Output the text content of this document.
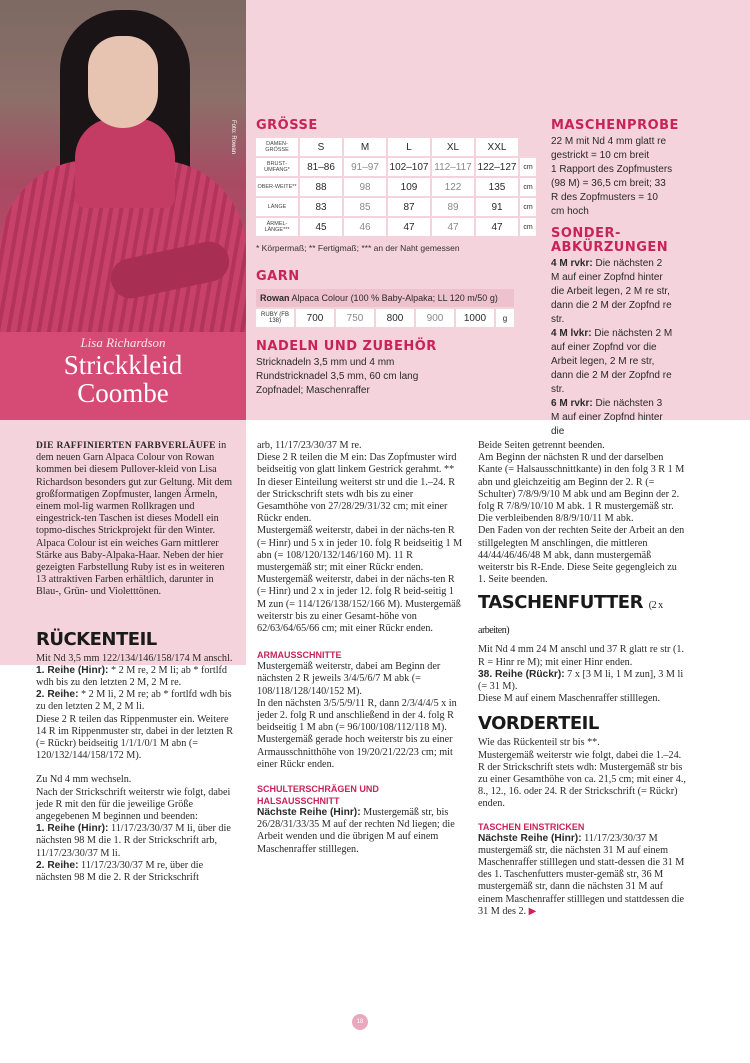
Foto: Rowan
Lisa Richardson
Strickkleid
Coombe
GRÖSSE
DAMEN-GRÖSSE	S	M	L	XL	XXL	
BRUST-UMFANG*	81–86	91–97	102–107	112–117	122–127	cm
OBER-WEITE**	88	98	109	122	135	cm
LÄNGE	83	85	87	89	91	cm
ÄRMEL-LÄNGE***	45	46	47	47	47	cm
* Körpermaß; ** Fertigmaß; *** an der Naht gemessen
GARN
Rowan Alpaca Colour (100 % Baby-Alpaka; LL 120 m/50 g)
RUBY (FB 138)	700	750	800	900	1000	g
NADELN UND ZUBEHÖR
Stricknadeln 3,5 mm und 4 mm
Rundstricknadel 3,5 mm, 60 cm lang
Zopfnadel; Maschenraffer
MASCHENPROBE
22 M mit Nd 4 mm glatt re gestrickt = 10 cm breit
1 Rapport des Zopfmusters (98 M) = 36,5 cm breit; 33 R des Zopfmusters = 10 cm hoch
SONDER-
ABKÜRZUNGEN
4 M rvkr: Die nächsten 2 M auf einer Zopfnd hinter die Arbeit legen, 2 M re str, dann die 2 M der Zopfnd re str.
4 M lvkr: Die nächsten 2 M auf einer Zopfnd vor die Arbeit legen, 2 M re str, dann die 2 M der Zopfnd re str.
6 M rvkr: Die nächsten 3 M auf einer Zopfnd hinter die

DIE RAFFINIERTEN FARBVERLÄUFE in dem neuen Garn Alpaca Colour von Rowan kommen bei diesem Pullover-kleid von Lisa Richardson besonders gut zur Geltung. Mit dem großformatigen Zopfmuster, langen Ärmeln, einem mol-lig warmen Rollkragen und eingestrick-ten Taschen ist dieses Modell ein topmo-disches Strickprojekt für den Winter. Alpaca Colour ist ein weiches Garn mittlerer Stärke aus Baby-Alpaka-Haar. Neben der hier gezeigten Farbstellung Ruby ist es in weiteren 13 attraktiven Farben erhältlich, darunter in Blau-, Grün- und Violetttönen.

RÜCKENTEIL

Mit Nd 3,5 mm 122/134/146/158/174 M anschl.

1. Reihe (Hinr): * 2 M re, 2 M li; ab * fortlfd wdh bis zu den letzten 2 M, 2 M re.

2. Reihe: * 2 M li, 2 M re; ab * fortlfd wdh bis zu den letzten 2 M, 2 M li.

Diese 2 R teilen das Rippenmuster ein. Weitere 14 R im Rippenmuster str, dabei in der letzten R (= Rückr) beidseitig 1/1/1/0/1 M abn (= 120/132/144/158/172 M).

Zu Nd 4 mm wechseln.

Nach der Strickschrift weiterstr wie folgt, dabei jede R mit den für die jeweilige Größe angegebenen M beginnen und beenden:

1. Reihe (Hinr): 11/17/23/30/37 M li, über die nächsten 98 M die 1. R der Strickschrift arb, 11/17/23/30/37 M li.

2. Reihe: 11/17/23/30/37 M re, über die nächsten 98 M die 2. R der Strickschrift

arb, 11/17/23/30/37 M re.

Diese 2 R teilen die M ein: Das Zopfmuster wird beidseitig von glatt linkem Gestrick gerahmt. **

In dieser Einteilung weiterst str und die 1.–24. R der Strickschrift stets wdh bis zu einer Gesamthöhe von 27/28/29/31/32 cm; mit einer Rückr enden.

Mustergemäß weiterstr, dabei in der nächs-ten R (= Hinr) und 5 x in jeder 10. folg R beidseitig 1 M abn (= 108/120/132/146/160 M). 11 R mustergemäß str; mit einer Rückr enden.

Mustergemäß weiterstr, dabei in der nächs-ten R (= Hinr) und 2 x in jeder 12. folg R beid-seitig 1 M zun (= 114/126/138/152/166 M). Mustergemäß weiterstr bis zu einer Gesamt-höhe von 62/63/64/65/66 cm; mit einer Rückr enden.

ARMAUSSCHNITTE

Mustergemäß weiterstr, dabei am Beginn der nächsten 2 R jeweils 3/4/5/6/7 M abk (= 108/118/128/140/152 M).

In den nächsten 3/5/5/9/11 R, dann 2/3/4/4/5 x in jeder 2. folg R und anschließend in der 4. folg R beidseitig 1 M abn (= 96/100/108/112/118 M).

Mustergemäß gerade hoch weiterstr bis zu einer Armausschnitthöhe von 19/20/21/22/23 cm; mit einer Rückr enden.

SCHULTERSCHRÄGEN UND
HALSAUSSCHNITT

Nächste Reihe (Hinr): Mustergemäß str, bis 26/28/31/33/35 M auf der rechten Nd liegen; die Arbeit wenden und die übrigen M auf einem Maschenraffer stilllegen.

Beide Seiten getrennt beenden.

Am Beginn der nächsten R und der darselben Kante (= Halsausschnittkante) in den folg 3 R 1 M abn und gleichzeitig am Beginn der 2. R (= Schulter) 7/8/9/9/10 M abk und am Beginn der 2. folg R 7/8/9/10/10 M abk. 1 R mustergemäß str.

Die verbleibenden 8/8/9/10/11 M abk.

Den Faden von der rechten Seite der Arbeit an den stillgelegten M anschlingen, die mittleren 44/44/46/46/48 M abk, dann mustergemäß weiterstr bis R-Ende. Diese Seite gegengleich zu 1. Seite beenden.

TASCHENFUTTER (2 x arbeiten)

Mit Nd 4 mm 24 M anschl und 37 R glatt re str (1. R = Hinr re M); mit einer Hinr enden.

38. Reihe (Rückr): 7 x [3 M li, 1 M zun], 3 M li (= 31 M).

Diese M auf einem Maschenraffer stilllegen.

VORDERTEIL

Wie das Rückenteil str bis **.

Mustergemäß weiterstr wie folgt, dabei die 1.–24. R der Strickschrift stets wdh: Mustergemäß str bis zu einer Gesamthöhe von ca. 21,5 cm; mit einer 4., 8., 12., 16. oder 24. R der Strickschrift (= Rückr) enden.

TASCHEN EINSTRICKEN

Nächste Reihe (Hinr): 11/17/23/30/37 M mustergemäß str, die nächsten 31 M auf einem Maschenraffer stilllegen und statt-dessen die 31 M des 1. Taschenfutters muster-gemäß str, 36 M mustergemäß str, dann die nächsten 31 M auf einem Maschenraffer stilllegen und stattdessen die 31 M des 2. ▶

18
